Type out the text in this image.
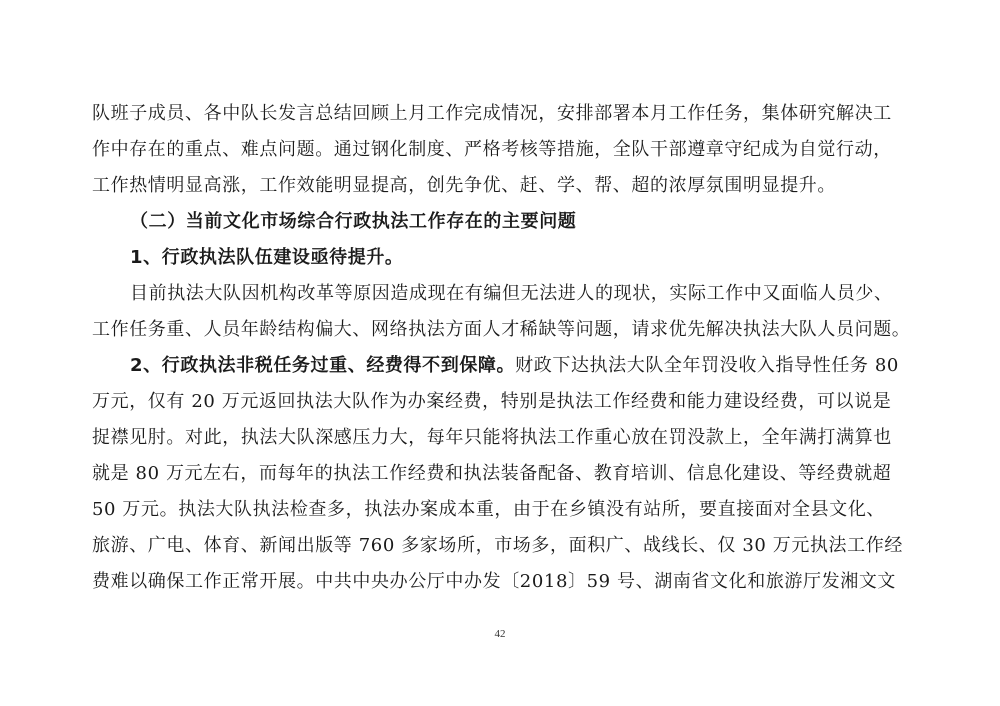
队班子成员、各中队长发言总结回顾上月工作完成情况，安排部署本月工作任务，集体研究解决工
作中存在的重点、难点问题。通过钢化制度、严格考核等措施，全队干部遵章守纪成为自觉行动，
工作热情明显高涨，工作效能明显提高，创先争优、赶、学、帮、超的浓厚氛围明显提升。
（二）当前文化市场综合行政执法工作存在的主要问题
1、行政执法队伍建设亟待提升。
目前执法大队因机构改革等原因造成现在有编但无法进人的现状，实际工作中又面临人员少、
工作任务重、人员年龄结构偏大、网络执法方面人才稀缺等问题，请求优先解决执法大队人员问题。
2、行政执法非税任务过重、经费得不到保障。财政下达执法大队全年罚没收入指导性任务 80
万元，仅有 20 万元返回执法大队作为办案经费，特别是执法工作经费和能力建设经费，可以说是
捉襟见肘。对此，执法大队深感压力大，每年只能将执法工作重心放在罚没款上，全年满打满算也
就是 80 万元左右，而每年的执法工作经费和执法装备配备、教育培训、信息化建设、等经费就超
50 万元。执法大队执法检查多，执法办案成本重，由于在乡镇没有站所，要直接面对全县文化、
旅游、广电、体育、新闻出版等 760 多家场所，市场多，面积广、战线长、仅 30 万元执法工作经
费难以确保工作正常开展。中共中央办公厅中办发〔2018〕59 号、湖南省文化和旅游厅发湘文文
42
